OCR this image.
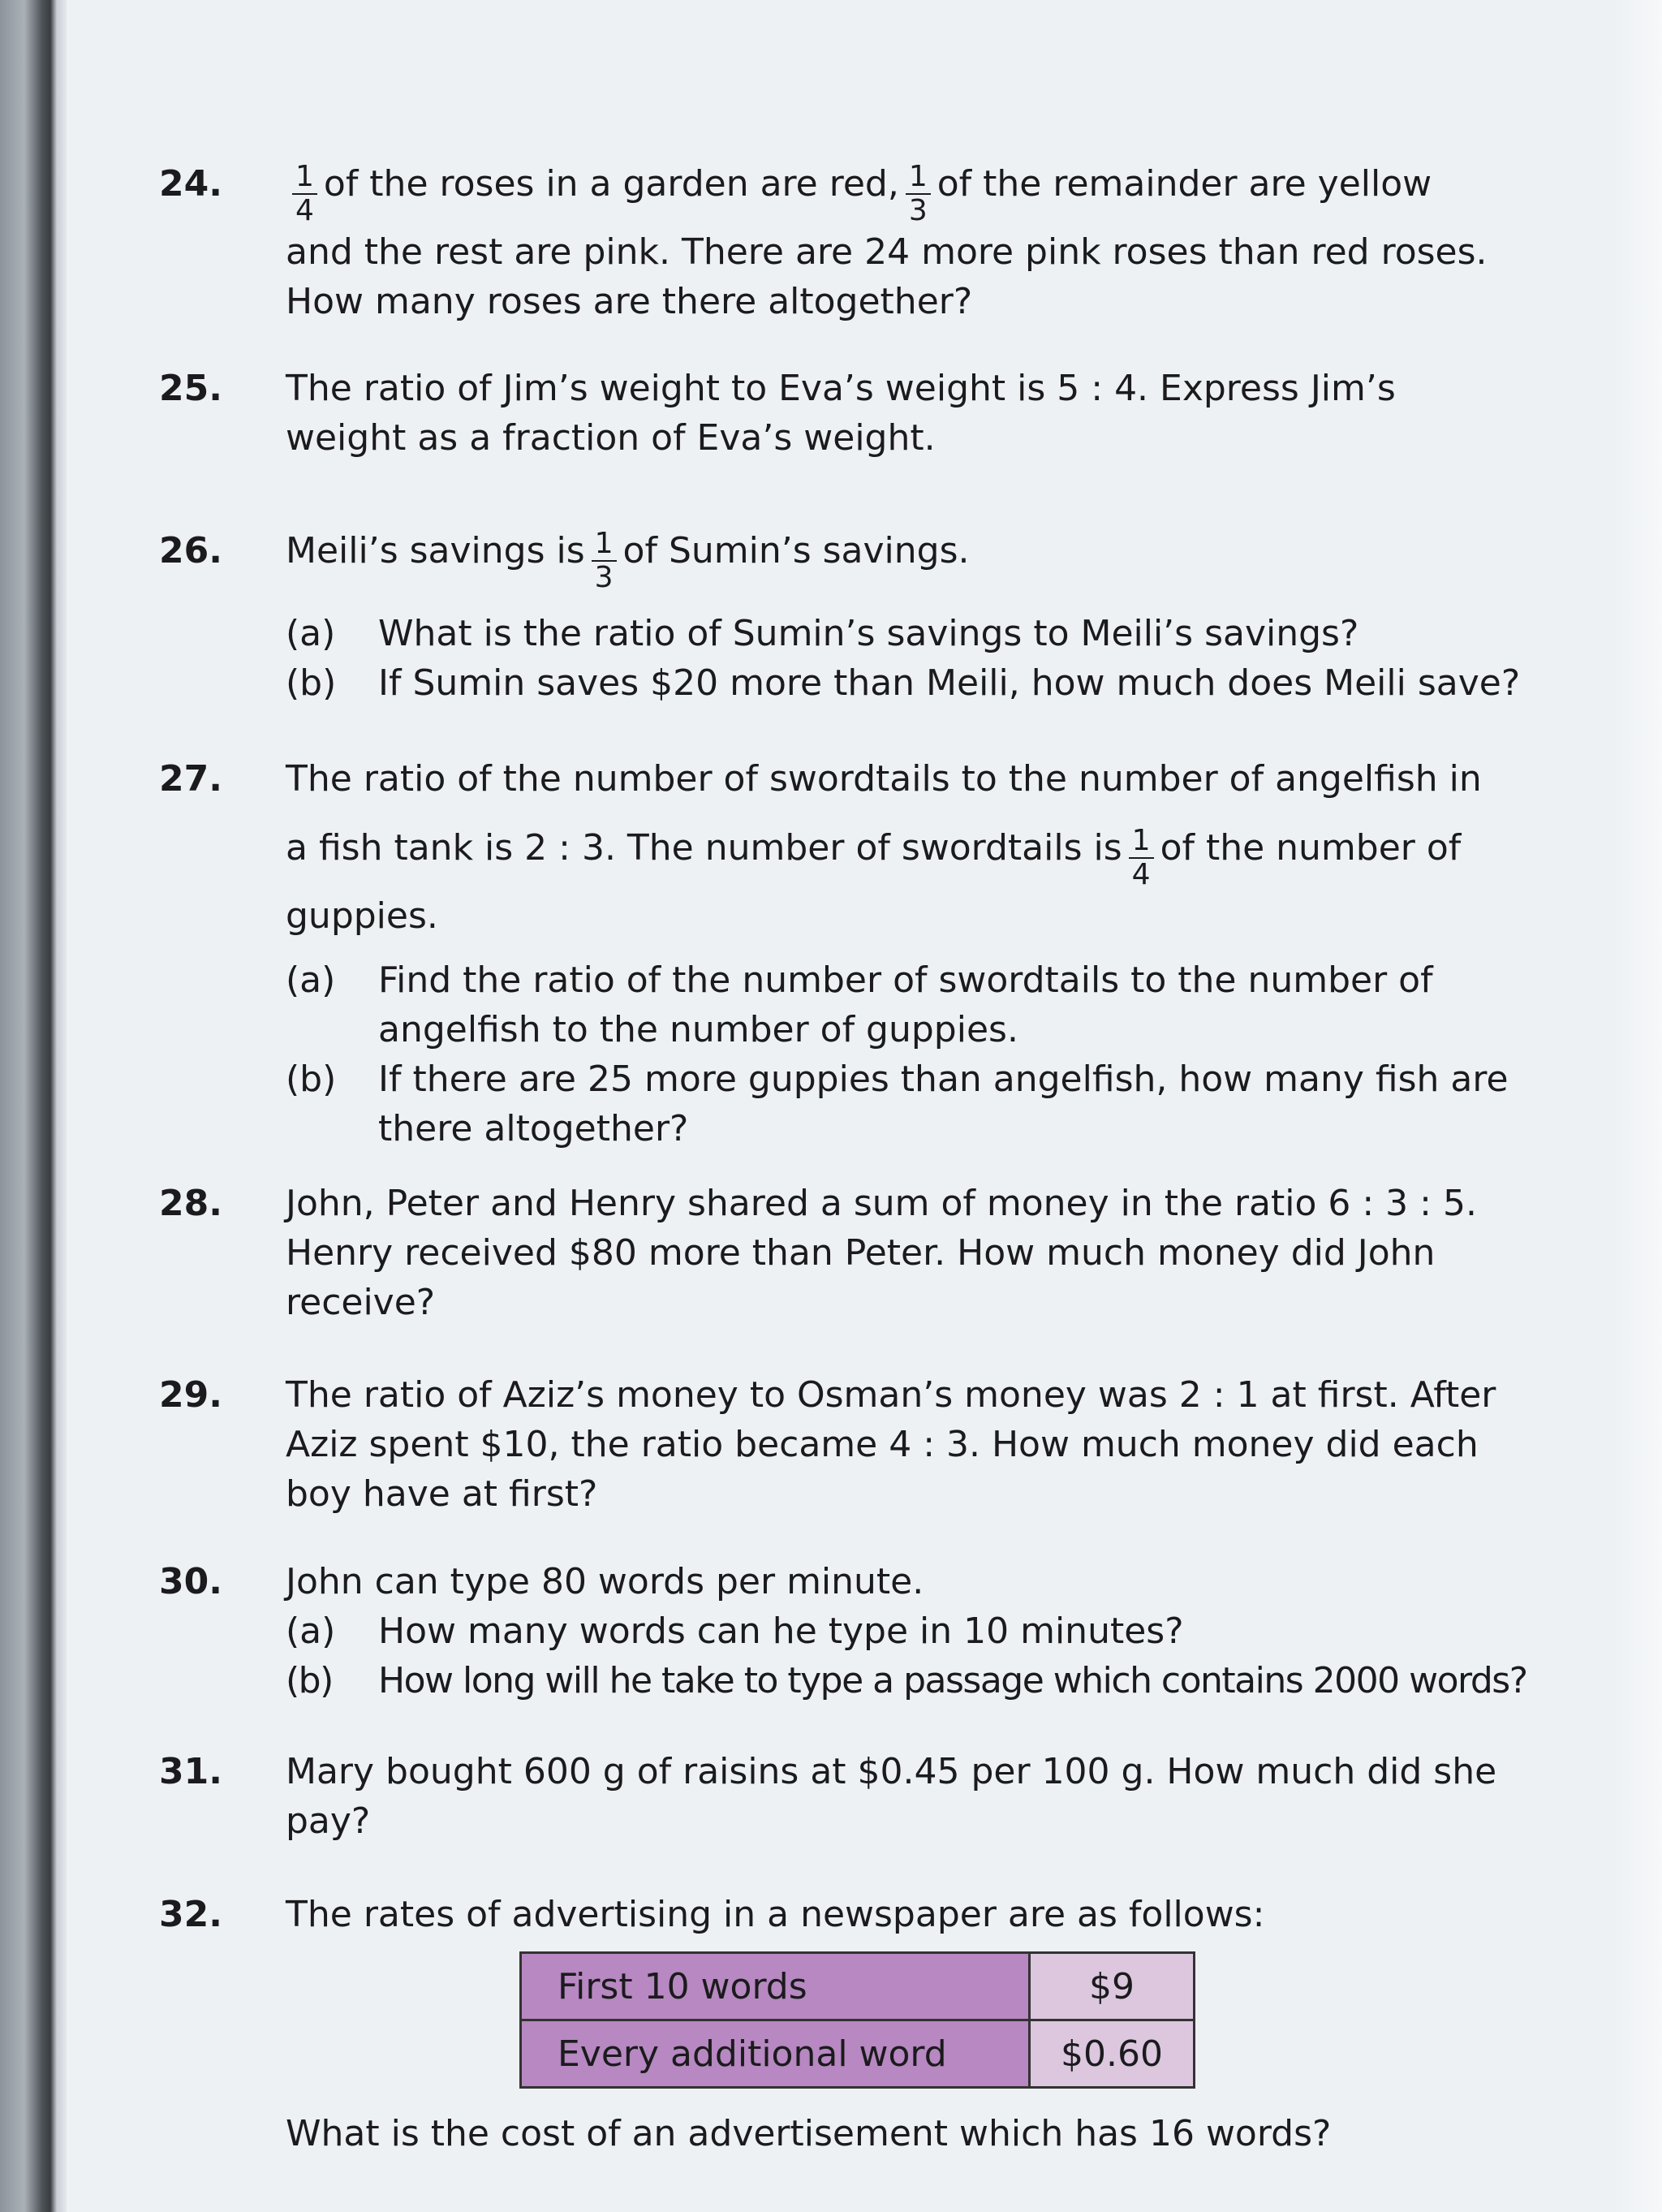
24. $\frac{1}{4}$ of the roses in a garden are red, $\frac{1}{3}$ of the remainder are yellow
and the rest are pink. There are 24 more pink roses than red roses.
How many roses are there altogether?
25. The ratio of Jim’s weight to Eva’s weight is 5 : 4. Express Jim’s
weight as a fraction of Eva’s weight.
26. Meili’s savings is $\frac{1}{3}$ of Sumin’s savings.
(a) What is the ratio of Sumin’s savings to Meili’s savings?
(b) If Sumin saves $20 more than Meili, how much does Meili save?
27. The ratio of the number of swordtails to the number of angelfish in
a fish tank is 2 : 3. The number of swordtails is $\frac{1}{4}$ of the number of
guppies.
(a) Find the ratio of the number of swordtails to the number of
angelfish to the number of guppies.
(b) If there are 25 more guppies than angelfish, how many fish are
there altogether?
28. John, Peter and Henry shared a sum of money in the ratio 6 : 3 : 5.
Henry received $80 more than Peter. How much money did John
receive?
29. The ratio of Aziz’s money to Osman’s money was 2 : 1 at first. After
Aziz spent $10, the ratio became 4 : 3. How much money did each
boy have at first?
30. John can type 80 words per minute.
(a) How many words can he type in 10 minutes?
(b) How long will he take to type a passage which contains 2000 words?
31. Mary bought 600 g of raisins at $0.45 per 100 g. How much did she
pay?
32. The rates of advertising in a newspaper are as follows:
First 10 words	$9
Every additional word	$0.60
What is the cost of an advertisement which has 16 words?
